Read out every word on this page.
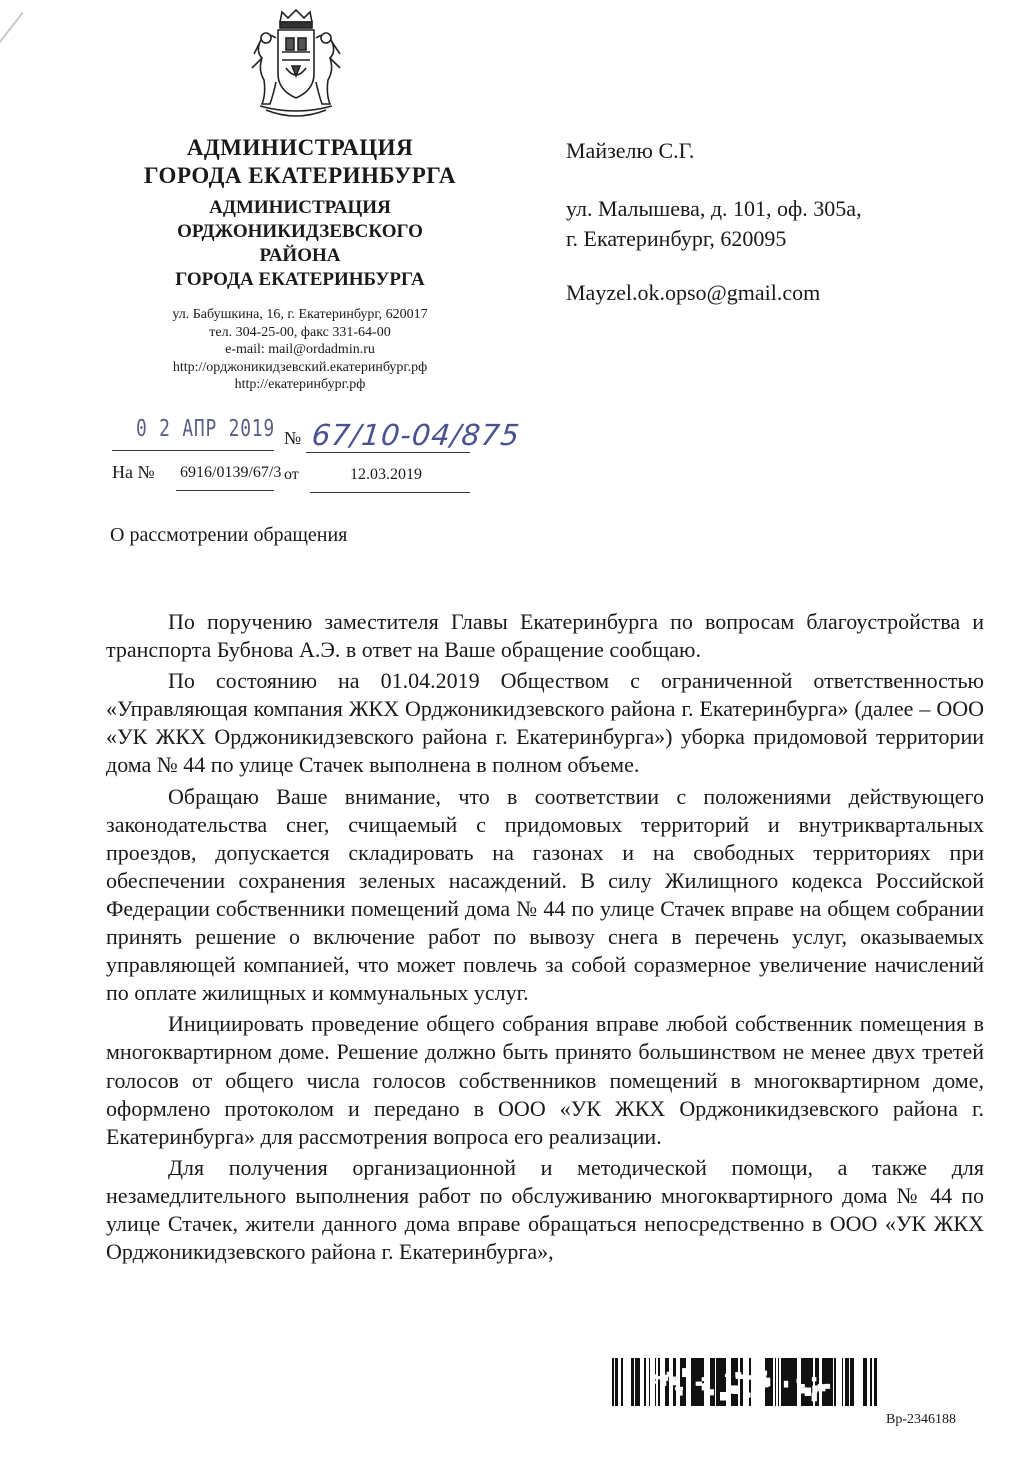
АДМИНИСТРАЦИЯ
ГОРОДА ЕКАТЕРИНБУРГА
АДМИНИСТРАЦИЯ
ОРДЖОНИКИДЗЕВСКОГО
РАЙОНА
ГОРОДА ЕКАТЕРИНБУРГА
ул. Бабушкина, 16, г. Екатеринбург, 620017
тел. 304-25-00, факс 331-64-00
e-mail: mail@ordadmin.ru
http://орджоникидзевский.екатеринбург.рф
http://екатеринбург.рф
Майзелю С.Г.
ул. Малышева, д. 101, оф. 305а,
г. Екатеринбург, 620095
Mayzel.ok.opso@gmail.com
0 2 АПР 2019 № 67/10-04/875
На № 6916/0139/67/3 от	12.03.2019
О рассмотрении обращения

По поручению заместителя Главы Екатеринбурга по вопросам благоустройства и транспорта Бубнова А.Э. в ответ на Ваше обращение сообщаю.

По состоянию на 01.04.2019 Обществом с ограниченной ответственностью «Управляющая компания ЖКХ Орджоникидзевского района г. Екатеринбурга» (далее – ООО «УК ЖКХ Орджоникидзевского района г. Екатеринбурга») уборка придомовой территории дома № 44 по улице Стачек выполнена в полном объеме.

Обращаю Ваше внимание, что в соответствии с положениями действующего законодательства снег, счищаемый с придомовых территорий и внутриквартальных проездов, допускается складировать на газонах и на свободных территориях при обеспечении сохранения зеленых насаждений. В силу Жилищного кодекса Российской Федерации собственники помещений дома № 44 по улице Стачек вправе на общем собрании принять решение о включение работ по вывозу снега в перечень услуг, оказываемых управляющей компанией, что может повлечь за собой соразмерное увеличение начислений по оплате жилищных и коммунальных услуг.

Инициировать проведение общего собрания вправе любой собственник помещения в многоквартирном доме. Решение должно быть принято большинством не менее двух третей голосов от общего числа голосов собственников помещений в многоквартирном доме, оформлено протоколом и передано в ООО «УК ЖКХ Орджоникидзевского района г. Екатеринбурга» для рассмотрения вопроса его реализации.

Для получения организационной и методической помощи, а также для незамедлительного выполнения работ по обслуживанию многоквартирного дома № 44 по улице Стачек, жители данного дома вправе обращаться непосредственно в ООО «УК ЖКХ Орджоникидзевского района г. Екатеринбурга»,

Вр-2346188
